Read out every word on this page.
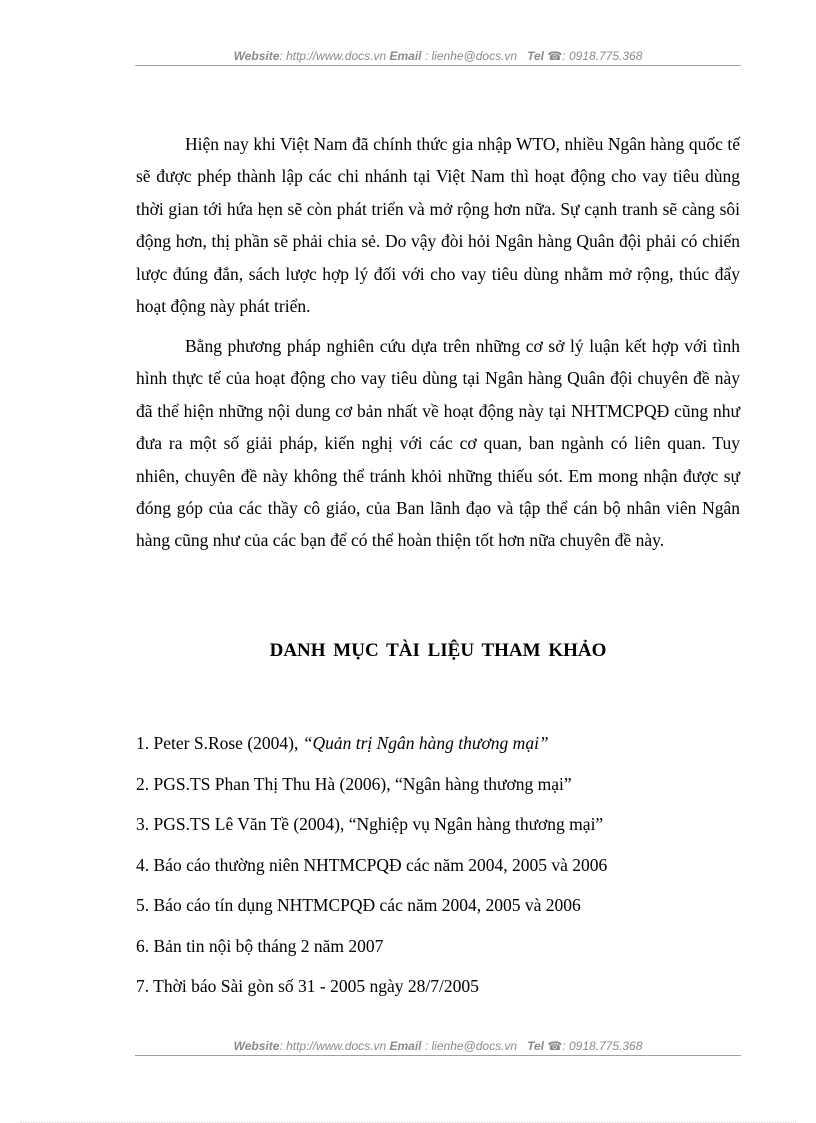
Website: http://www.docs.vn Email : lienhe@docs.vn Tel ☎: 0918.775.368

Hiện nay khi Việt Nam đã chính thức gia nhập WTO, nhiều Ngân hàng quốc tế sẽ được phép thành lập các chi nhánh tại Việt Nam thì hoạt động cho vay tiêu dùng thời gian tới hứa hẹn sẽ còn phát triển và mở rộng hơn nữa. Sự cạnh tranh sẽ càng sôi động hơn, thị phần sẽ phải chia sẻ. Do vậy đòi hỏi Ngân hàng Quân đội phải có chiến lược đúng đắn, sách lược hợp lý đối với cho vay tiêu dùng nhằm mở rộng, thúc đẩy hoạt động này phát triển.

Bằng phương pháp nghiên cứu dựa trên những cơ sở lý luận kết hợp với tình hình thực tế của hoạt động cho vay tiêu dùng tại Ngân hàng Quân đội chuyên đề này đã thể hiện những nội dung cơ bản nhất về hoạt động này tại NHTMCPQĐ cũng như đưa ra một số giải pháp, kiến nghị với các cơ quan, ban ngành có liên quan. Tuy nhiên, chuyên đề này không thể tránh khỏi những thiếu sót. Em mong nhận được sự đóng góp của các thầy cô giáo, của Ban lãnh đạo và tập thể cán bộ nhân viên Ngân hàng cũng như của các bạn để có thể hoàn thiện tốt hơn nữa chuyên đề này.

DANH MỤC TÀI LIỆU THAM KHẢO
1. Peter S.Rose (2004), “Quản trị Ngân hàng thương mại”
2. PGS.TS Phan Thị Thu Hà (2006), “Ngân hàng thương mại”
3. PGS.TS Lê Văn Tề (2004), “Nghiệp vụ Ngân hàng thương mại”
4. Báo cáo thường niên NHTMCPQĐ các năm 2004, 2005 và 2006
5. Báo cáo tín dụng NHTMCPQĐ các năm 2004, 2005 và 2006
6. Bản tin nội bộ tháng 2 năm 2007
7. Thời báo Sài gòn số 31 - 2005 ngày 28/7/2005
Website: http://www.docs.vn Email : lienhe@docs.vn Tel ☎: 0918.775.368
